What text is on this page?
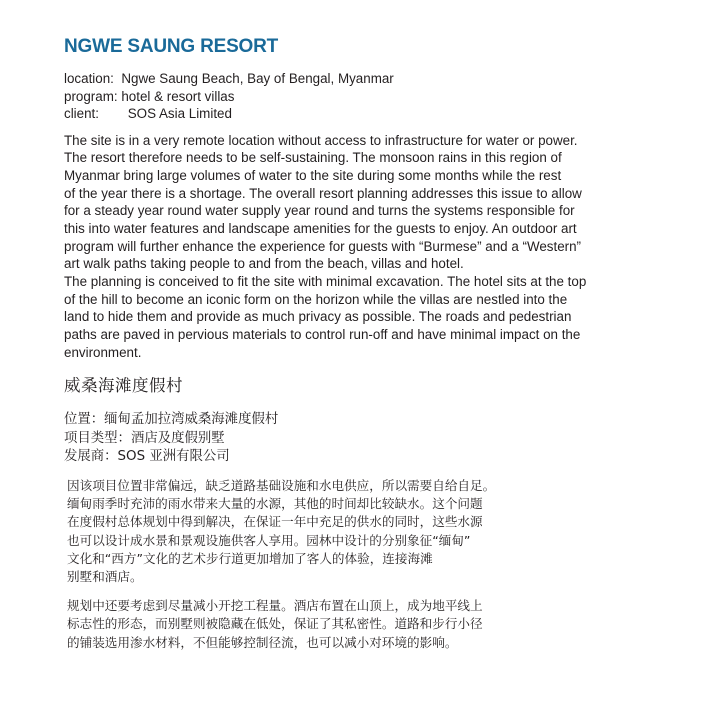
NGWE SAUNG RESORT
location: Ngwe Saung Beach, Bay of Bengal, Myanmar
program: hotel & resort villas
client: SOS Asia Limited
The site is in a very remote location without access to infrastructure for water or power.
The resort therefore needs to be self-sustaining. The monsoon rains in this region of
Myanmar bring large volumes of water to the site during some months while the rest
of the year there is a shortage. The overall resort planning addresses this issue to allow
for a steady year round water supply year round and turns the systems responsible for
this into water features and landscape amenities for the guests to enjoy. An outdoor art
program will further enhance the experience for guests with “Burmese” and a “Western”
art walk paths taking people to and from the beach, villas and hotel.
The planning is conceived to fit the site with minimal excavation. The hotel sits at the top
of the hill to become an iconic form on the horizon while the villas are nestled into the
land to hide them and provide as much privacy as possible. The roads and pedestrian
paths are paved in pervious materials to control run-off and have minimal impact on the
environment.
威桑海滩度假村
位置：缅甸孟加拉湾威桑海滩度假村
项目类型：酒店及度假别墅
发展商：SOS 亚洲有限公司
因该项目位置非常偏远，缺乏道路基础设施和水电供应，所以需要自给自足。
缅甸雨季时充沛的雨水带来大量的水源，其他的时间却比较缺水。这个问题
在度假村总体规划中得到解决，在保证一年中充足的供水的同时，这些水源
也可以设计成水景和景观设施供客人享用。园林中设计的分别象征“缅甸”
文化和“西方”文化的艺术步行道更加增加了客人的体验，连接海滩
别墅和酒店。
规划中还要考虑到尽量减小开挖工程量。酒店布置在山顶上，成为地平线上
标志性的形态，而别墅则被隐藏在低处，保证了其私密性。道路和步行小径
的铺装选用渗水材料，不但能够控制径流，也可以减小对环境的影响。
